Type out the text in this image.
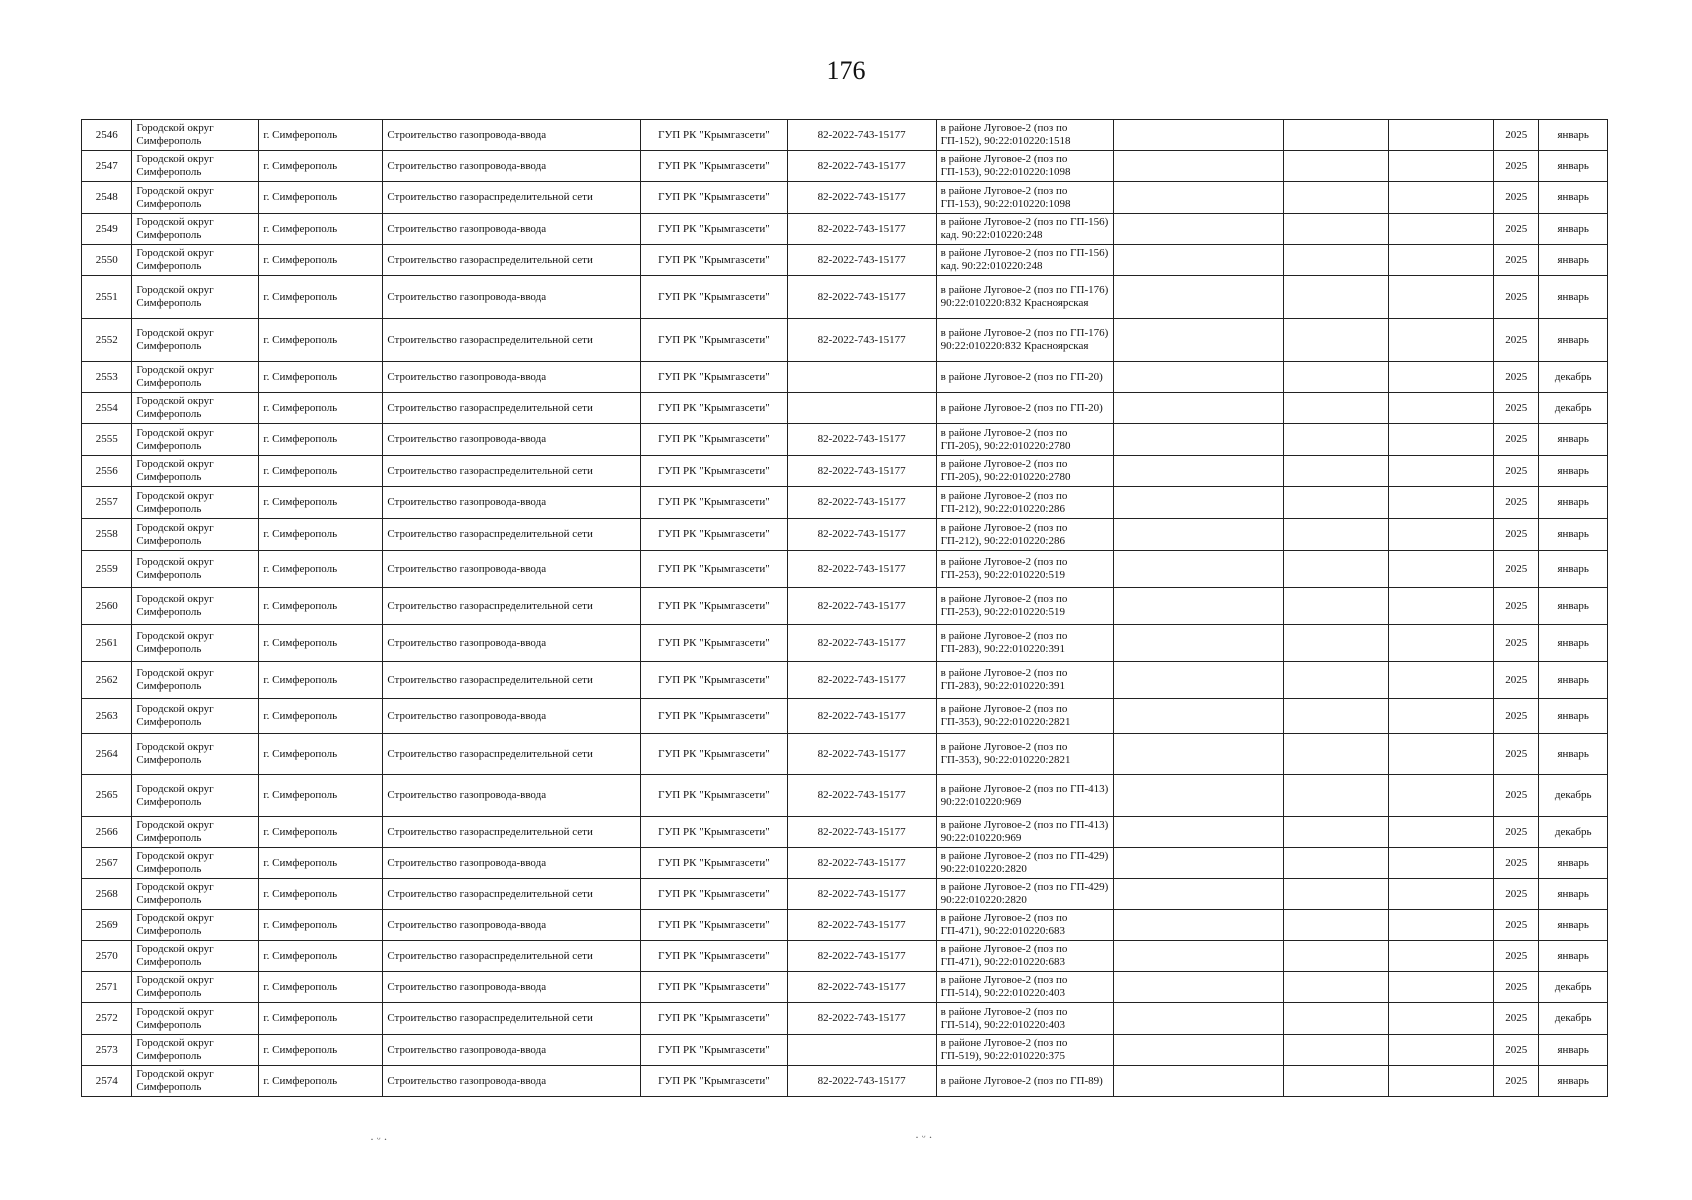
176
2546	Городской округ Симферополь	г. Симферополь	Строительство газопровода-ввода	ГУП РК "Крымгазсети"	82-2022-743-15177	в районе Луговое-2 (поз по ГП-152), 90:22:010220:1518				2025	январь
2547	Городской округ Симферополь	г. Симферополь	Строительство газопровода-ввода	ГУП РК "Крымгазсети"	82-2022-743-15177	в районе Луговое-2 (поз по ГП-153), 90:22:010220:1098				2025	январь
2548	Городской округ Симферополь	г. Симферополь	Строительство газораспределительной сети	ГУП РК "Крымгазсети"	82-2022-743-15177	в районе Луговое-2 (поз по ГП-153), 90:22:010220:1098				2025	январь
2549	Городской округ Симферополь	г. Симферополь	Строительство газопровода-ввода	ГУП РК "Крымгазсети"	82-2022-743-15177	в районе Луговое-2 (поз по ГП-156) кад. 90:22:010220:248				2025	январь
2550	Городской округ Симферополь	г. Симферополь	Строительство газораспределительной сети	ГУП РК "Крымгазсети"	82-2022-743-15177	в районе Луговое-2 (поз по ГП-156) кад. 90:22:010220:248				2025	январь
2551	Городской округ Симферополь	г. Симферополь	Строительство газопровода-ввода	ГУП РК "Крымгазсети"	82-2022-743-15177	в районе Луговое-2 (поз по ГП-176) 90:22:010220:832 Красноярская				2025	январь
2552	Городской округ Симферополь	г. Симферополь	Строительство газораспределительной сети	ГУП РК "Крымгазсети"	82-2022-743-15177	в районе Луговое-2 (поз по ГП-176) 90:22:010220:832 Красноярская				2025	январь
2553	Городской округ Симферополь	г. Симферополь	Строительство газопровода-ввода	ГУП РК "Крымгазсети"		в районе Луговое-2 (поз по ГП-20)				2025	декабрь
2554	Городской округ Симферополь	г. Симферополь	Строительство газораспределительной сети	ГУП РК "Крымгазсети"		в районе Луговое-2 (поз по ГП-20)				2025	декабрь
2555	Городской округ Симферополь	г. Симферополь	Строительство газопровода-ввода	ГУП РК "Крымгазсети"	82-2022-743-15177	в районе Луговое-2 (поз по ГП-205), 90:22:010220:2780				2025	январь
2556	Городской округ Симферополь	г. Симферополь	Строительство газораспределительной сети	ГУП РК "Крымгазсети"	82-2022-743-15177	в районе Луговое-2 (поз по ГП-205), 90:22:010220:2780				2025	январь
2557	Городской округ Симферополь	г. Симферополь	Строительство газопровода-ввода	ГУП РК "Крымгазсети"	82-2022-743-15177	в районе Луговое-2 (поз по ГП-212), 90:22:010220:286				2025	январь
2558	Городской округ Симферополь	г. Симферополь	Строительство газораспределительной сети	ГУП РК "Крымгазсети"	82-2022-743-15177	в районе Луговое-2 (поз по ГП-212), 90:22:010220:286				2025	январь
2559	Городской округ Симферополь	г. Симферополь	Строительство газопровода-ввода	ГУП РК "Крымгазсети"	82-2022-743-15177	в районе Луговое-2 (поз по ГП-253), 90:22:010220:519				2025	январь
2560	Городской округ Симферополь	г. Симферополь	Строительство газораспределительной сети	ГУП РК "Крымгазсети"	82-2022-743-15177	в районе Луговое-2 (поз по ГП-253), 90:22:010220:519				2025	январь
2561	Городской округ Симферополь	г. Симферополь	Строительство газопровода-ввода	ГУП РК "Крымгазсети"	82-2022-743-15177	в районе Луговое-2 (поз по ГП-283), 90:22:010220:391				2025	январь
2562	Городской округ Симферополь	г. Симферополь	Строительство газораспределительной сети	ГУП РК "Крымгазсети"	82-2022-743-15177	в районе Луговое-2 (поз по ГП-283), 90:22:010220:391				2025	январь
2563	Городской округ Симферополь	г. Симферополь	Строительство газопровода-ввода	ГУП РК "Крымгазсети"	82-2022-743-15177	в районе Луговое-2 (поз по ГП-353), 90:22:010220:2821				2025	январь
2564	Городской округ Симферополь	г. Симферополь	Строительство газораспределительной сети	ГУП РК "Крымгазсети"	82-2022-743-15177	в районе Луговое-2 (поз по ГП-353), 90:22:010220:2821				2025	январь
2565	Городской округ Симферополь	г. Симферополь	Строительство газопровода-ввода	ГУП РК "Крымгазсети"	82-2022-743-15177	в районе Луговое-2 (поз по ГП-413) 90:22:010220:969				2025	декабрь
2566	Городской округ Симферополь	г. Симферополь	Строительство газораспределительной сети	ГУП РК "Крымгазсети"	82-2022-743-15177	в районе Луговое-2 (поз по ГП-413) 90:22:010220:969				2025	декабрь
2567	Городской округ Симферополь	г. Симферополь	Строительство газопровода-ввода	ГУП РК "Крымгазсети"	82-2022-743-15177	в районе Луговое-2 (поз по ГП-429) 90:22:010220:2820				2025	январь
2568	Городской округ Симферополь	г. Симферополь	Строительство газораспределительной сети	ГУП РК "Крымгазсети"	82-2022-743-15177	в районе Луговое-2 (поз по ГП-429) 90:22:010220:2820				2025	январь
2569	Городской округ Симферополь	г. Симферополь	Строительство газопровода-ввода	ГУП РК "Крымгазсети"	82-2022-743-15177	в районе Луговое-2 (поз по ГП-471), 90:22:010220:683				2025	январь
2570	Городской округ Симферополь	г. Симферополь	Строительство газораспределительной сети	ГУП РК "Крымгазсети"	82-2022-743-15177	в районе Луговое-2 (поз по ГП-471), 90:22:010220:683				2025	январь
2571	Городской округ Симферополь	г. Симферополь	Строительство газопровода-ввода	ГУП РК "Крымгазсети"	82-2022-743-15177	в районе Луговое-2 (поз по ГП-514), 90:22:010220:403				2025	декабрь
2572	Городской округ Симферополь	г. Симферополь	Строительство газораспределительной сети	ГУП РК "Крымгазсети"	82-2022-743-15177	в районе Луговое-2 (поз по ГП-514), 90:22:010220:403				2025	декабрь
2573	Городской округ Симферополь	г. Симферополь	Строительство газопровода-ввода	ГУП РК "Крымгазсети"		в районе Луговое-2 (поз по ГП-519), 90:22:010220:375				2025	январь
2574	Городской округ Симферополь	г. Симферополь	Строительство газопровода-ввода	ГУП РК "Крымгазсети"	82-2022-743-15177	в районе Луговое-2 (поз по ГП-89)				2025	январь
· ᵕ ·	· ᵕ ·
